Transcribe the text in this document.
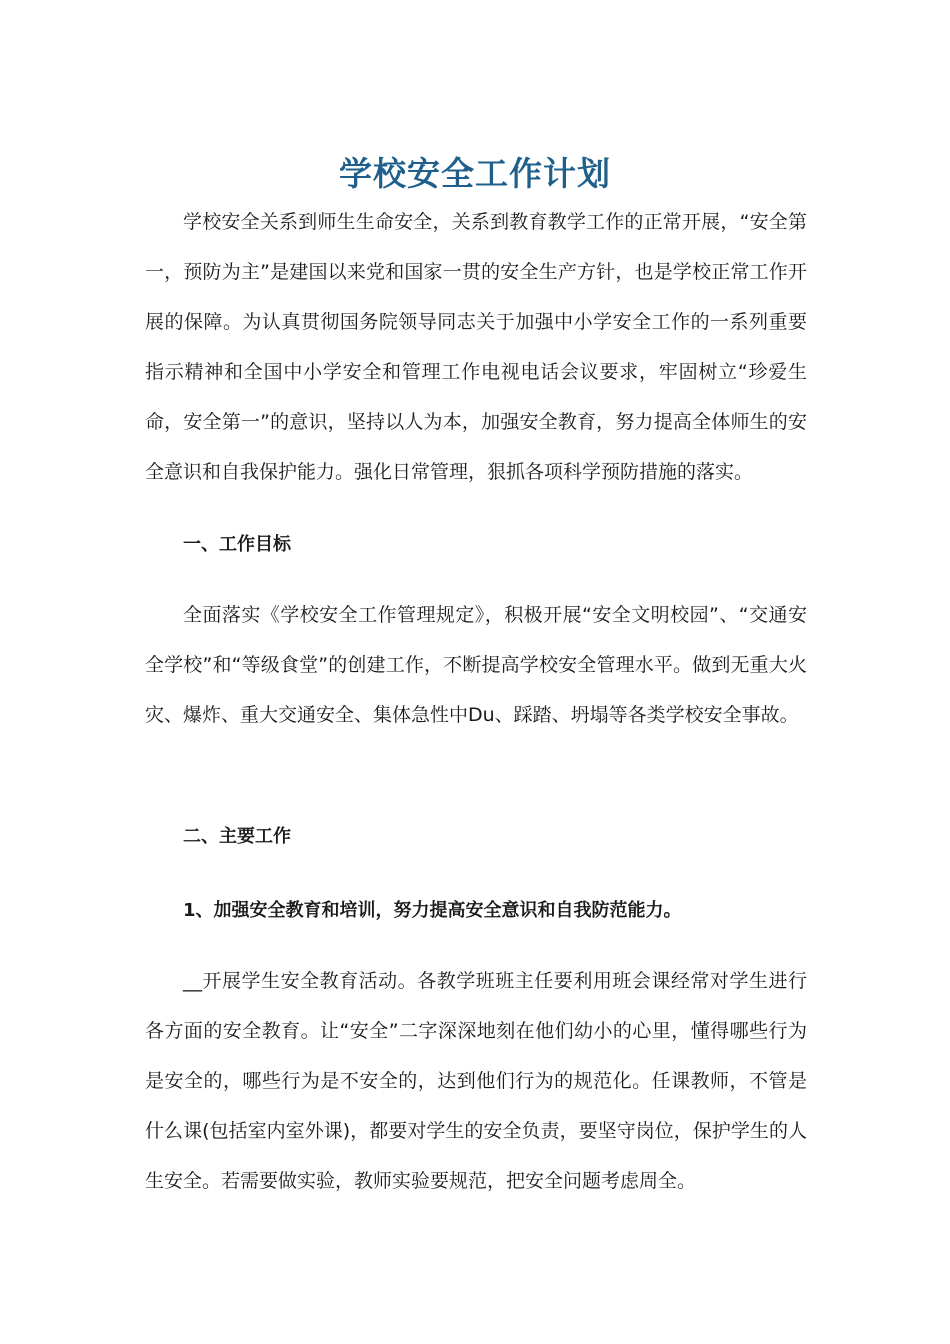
学校安全工作计划

学校安全关系到师生生命安全，关系到教育教学工作的正常开展，“安全第一，预防为主”是建国以来党和国家一贯的安全生产方针，也是学校正常工作开展的保障。为认真贯彻国务院领导同志关于加强中小学安全工作的一系列重要指示精神和全国中小学安全和管理工作电视电话会议要求，牢固树立“珍爱生命，安全第一”的意识，坚持以人为本，加强安全教育，努力提高全体师生的安全意识和自我保护能力。强化日常管理，狠抓各项科学预防措施的落实。

一、工作目标

全面落实《学校安全工作管理规定》，积极开展“安全文明校园”、“交通安全学校”和“等级食堂”的创建工作，不断提高学校安全管理水平。做到无重大火灾、爆炸、重大交通安全、集体急性中Du、踩踏、坍塌等各类学校安全事故。

二、主要工作

1、加强安全教育和培训，努力提高安全意识和自我防范能力。

__开展学生安全教育活动。各教学班班主任要利用班会课经常对学生进行各方面的安全教育。让“安全”二字深深地刻在他们幼小的心里，懂得哪些行为是安全的，哪些行为是不安全的，达到他们行为的规范化。任课教师，不管是什么课(包括室内室外课)，都要对学生的安全负责，要坚守岗位，保护学生的人生安全。若需要做实验，教师实验要规范，把安全问题考虑周全。
